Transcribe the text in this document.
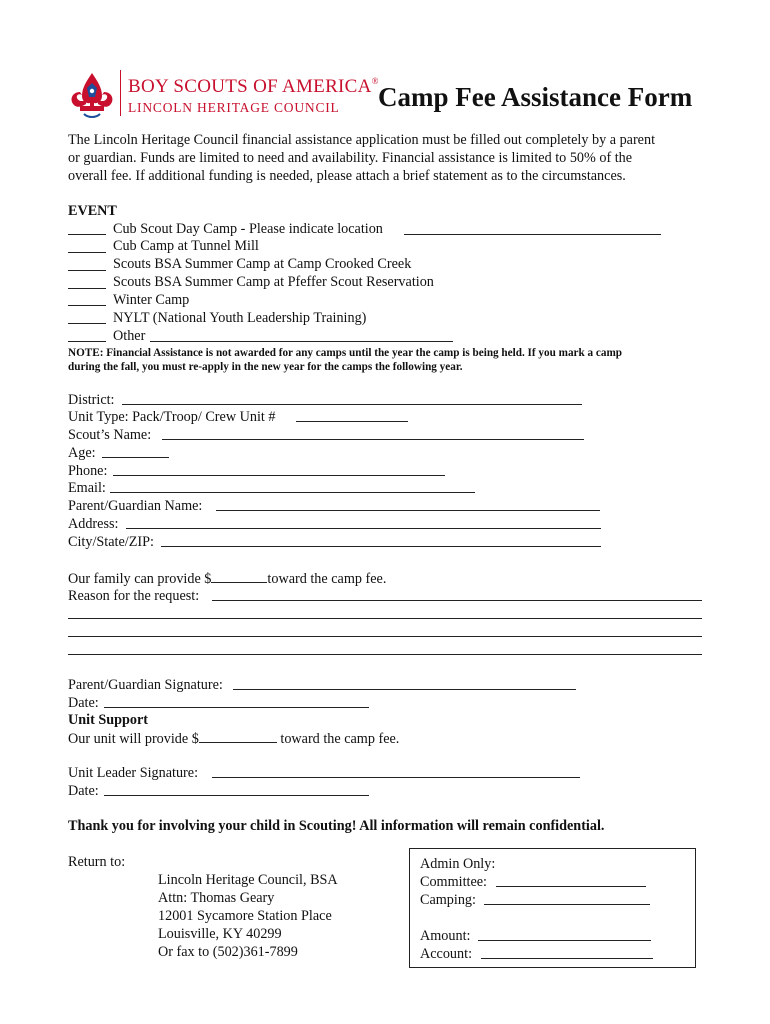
BOY SCOUTS OF AMERICA®
LINCOLN HERITAGE COUNCIL Camp Fee Assistance Form
The Lincoln Heritage Council financial assistance application must be filled out completely by a parent
or guardian. Funds are limited to need and availability. Financial assistance is limited to 50% of the
overall fee. If additional funding is needed, please attach a brief statement as to the circumstances.
EVENT
Cub Scout Day Camp - Please indicate location
Cub Camp at Tunnel Mill
Scouts BSA Summer Camp at Camp Crooked Creek
Scouts BSA Summer Camp at Pfeffer Scout Reservation
Winter Camp
NYLT (National Youth Leadership Training)
Other
NOTE: Financial Assistance is not awarded for any camps until the year the camp is being held. If you mark a camp
during the fall, you must re-apply in the new year for the camps the following year.
District:
Unit Type: Pack/Troop/ Crew Unit #
Scout’s Name:
Age:
Phone:
Email:
Parent/Guardian Name:
Address:
City/State/ZIP:
Our family can provide $	toward the camp fee.
Reason for the request:
Parent/Guardian Signature:
Date:
Unit Support
Our unit will provide $	toward the camp fee.
Unit Leader Signature:
Date:
Thank you for involving your child in Scouting! All information will remain confidential.
Return to:
Lincoln Heritage Council, BSA
Attn: Thomas Geary
12001 Sycamore Station Place
Louisville, KY 40299
Or fax to (502)361-7899
Admin Only:
Committee:
Camping:
Amount:
Account:
